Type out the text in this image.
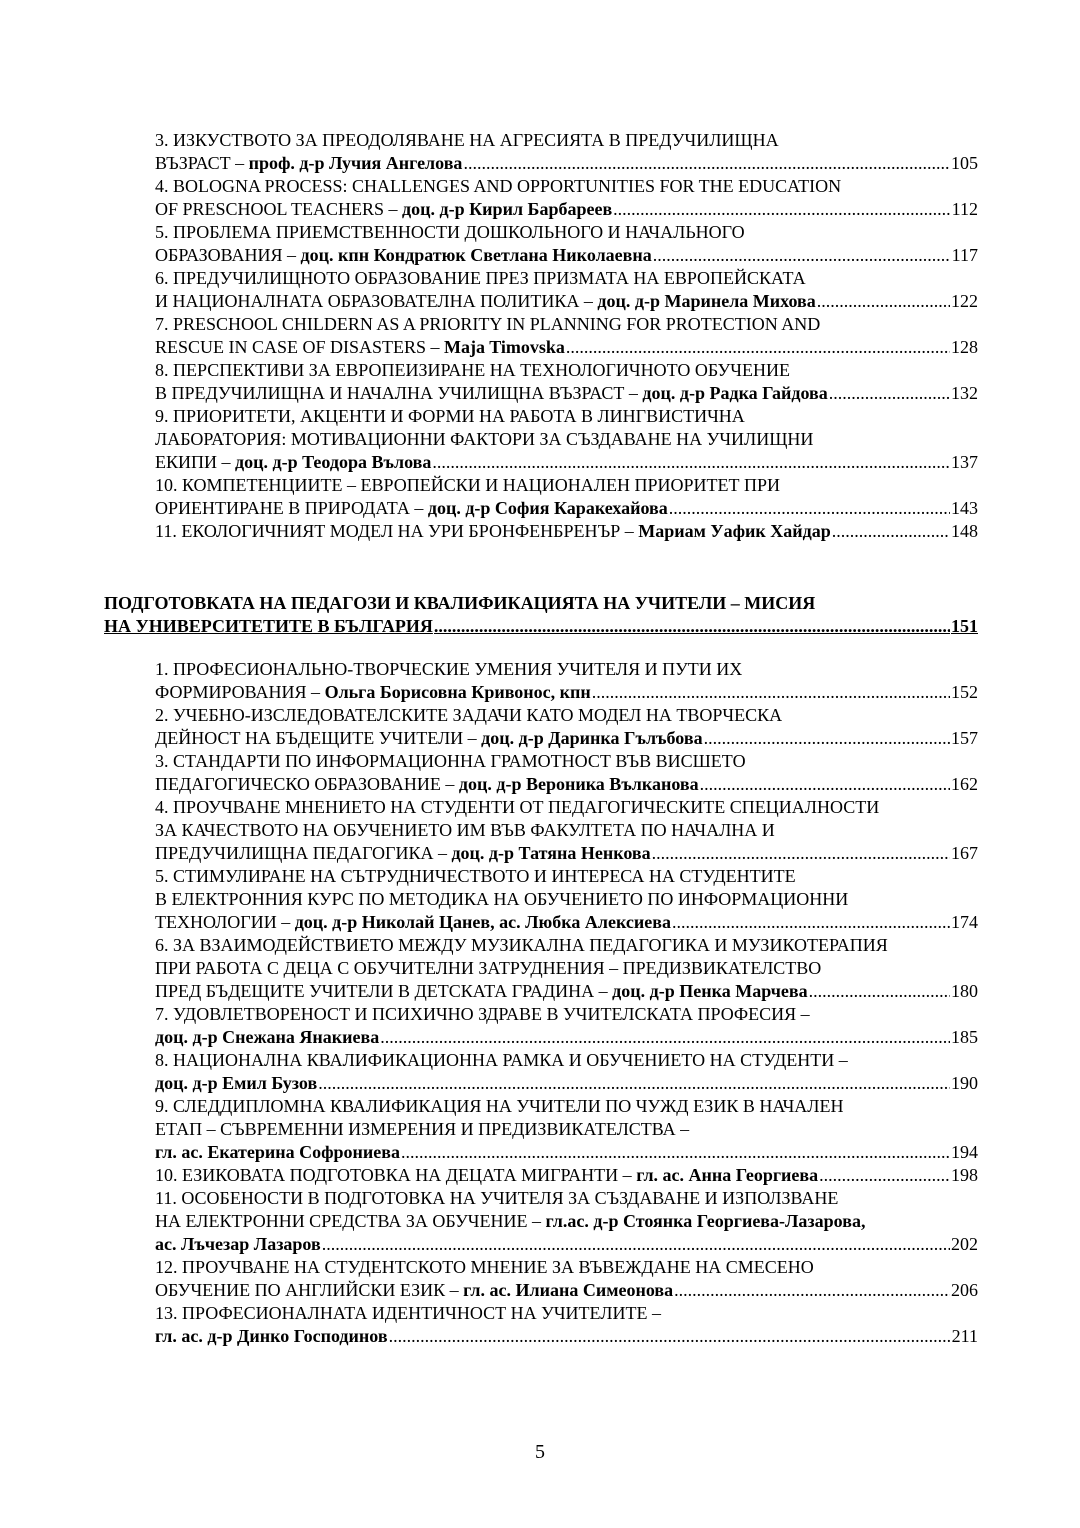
3. ИЗКУСТВОТО ЗА ПРЕОДОЛЯВАНЕ НА АГРЕСИЯТА В ПРЕДУЧИЛИЩНА
ВЪЗРАСТ – проф. д-р Лучия Ангелова .....	105
4. BOLOGNA PROCESS: CHALLENGES AND OPPORTUNITIES FOR THE EDUCATION
OF PRESCHOOL TEACHERS – доц. д-р Кирил Барбареев .....	112
5. ПРОБЛЕМА ПРИЕМСТВЕННОСТИ ДОШКОЛЬНОГО И НАЧАЛЬНОГО
ОБРАЗОВАНИЯ – доц. кпн Кондратюк Светлана Николаевна .....	117
6. ПРЕДУЧИЛИЩНОТО ОБРАЗОВАНИЕ ПРЕЗ ПРИЗМАТА НА ЕВРОПЕЙСКАТА
И НАЦИОНАЛНАТА ОБРАЗОВАТЕЛНА ПОЛИТИКА – доц. д-р Маринела Михова .....	122
7. PRESCHOOL CHILDERN AS A PRIORITY IN PLANNING FOR PROTECTION AND
RESCUE IN CASE OF DISASTERS – Maja Timovska .....	128
8. ПЕРСПЕКТИВИ ЗА ЕВРОПЕИЗИРАНЕ НА ТЕХНОЛОГИЧНОТО ОБУЧЕНИЕ
В ПРЕДУЧИЛИЩНА И НАЧАЛНА УЧИЛИЩНА ВЪЗРАСТ – доц. д-р Радка Гайдова .....	132
9. ПРИОРИТЕТИ, АКЦЕНТИ И ФОРМИ НА РАБОТА В ЛИНГВИСТИЧНА
ЛАБОРАТОРИЯ: МОТИВАЦИОННИ ФАКТОРИ ЗА СЪЗДАВАНЕ НА УЧИЛИЩНИ
ЕКИПИ – доц. д-р Теодора Вълова .....	137
10. КОМПЕТЕНЦИИТЕ – ЕВРОПЕЙСКИ И НАЦИОНАЛЕН ПРИОРИТЕТ ПРИ
ОРИЕНТИРАНЕ В ПРИРОДАТА – доц. д-р София Каракехайова .....	143
11. ЕКОЛОГИЧНИЯТ МОДЕЛ НА УРИ БРОНФЕНБРЕНЪР – Мариам Уафик Хайдар .....	148
ПОДГОТОВКАТА НА ПЕДАГОЗИ И КВАЛИФИКАЦИЯТА НА УЧИТЕЛИ – МИСИЯ
НА УНИВЕРСИТЕТИТЕ В БЪЛГАРИЯ .....	151
1. ПРОФЕСИОНАЛЬНО-ТВОРЧЕСКИЕ УМЕНИЯ УЧИТЕЛЯ И ПУТИ ИХ
ФОРМИРОВАНИЯ – Ольга Борисовна Кривонос, кпн .....	152
2. УЧЕБНО-ИЗСЛЕДОВАТЕЛСКИТЕ ЗАДАЧИ КАТО МОДЕЛ НА ТВОРЧЕСКА
ДЕЙНОСТ НА БЪДЕЩИТЕ УЧИТЕЛИ – доц. д-р Даринка Гълъбова .....	157
3. СТАНДАРТИ ПО ИНФОРМАЦИОННА ГРАМОТНОСТ ВЪВ ВИСШЕТО
ПЕДАГОГИЧЕСКО ОБРАЗОВАНИЕ – доц. д-р Вероника Вълканова .....	162
4. ПРОУЧВАНЕ МНЕНИЕТО НА СТУДЕНТИ ОТ ПЕДАГОГИЧЕСКИТЕ СПЕЦИАЛНОСТИ
ЗА КАЧЕСТВОТО НА ОБУЧЕНИЕТО ИМ ВЪВ ФАКУЛТЕТА ПО НАЧАЛНА И
ПРЕДУЧИЛИЩНА ПЕДАГОГИКА – доц. д-р Татяна Ненкова .....	167
5. СТИМУЛИРАНЕ НА СЪТРУДНИЧЕСТВОТО И ИНТЕРЕСА НА СТУДЕНТИТЕ
В ЕЛЕКТРОННИЯ КУРС ПО МЕТОДИКА НА ОБУЧЕНИЕТО ПО ИНФОРМАЦИОННИ
ТЕХНОЛОГИИ – доц. д-р Николай Цанев, ас. Любка Алексиева .....	174
6. ЗА ВЗАИМОДЕЙСТВИЕТО МЕЖДУ МУЗИКАЛНА ПЕДАГОГИКА И МУЗИКОТЕРАПИЯ
ПРИ РАБОТА С ДЕЦА С ОБУЧИТЕЛНИ ЗАТРУДНЕНИЯ – ПРЕДИЗВИКАТЕЛСТВО
ПРЕД БЪДЕЩИТЕ УЧИТЕЛИ В ДЕТСКАТА ГРАДИНА – доц. д-р Пенка Марчева .....	180
7. УДОВЛЕТВОРЕНОСТ И ПСИХИЧНО ЗДРАВЕ В УЧИТЕЛСКАТА ПРОФЕСИЯ –
доц. д-р Снежана Янакиева .....	185
8. НАЦИОНАЛНА КВАЛИФИКАЦИОННА РАМКА И ОБУЧЕНИЕТО НА СТУДЕНТИ –
доц. д-р Емил Бузов .....	190
9. СЛЕДДИПЛОМНА КВАЛИФИКАЦИЯ НА УЧИТЕЛИ ПО ЧУЖД ЕЗИК В НАЧАЛЕН
ЕТАП – СЪВРЕМЕННИ ИЗМЕРЕНИЯ И ПРЕДИЗВИКАТЕЛСТВА –
гл. ас. Екатерина Софрониева .....	194
10. ЕЗИКОВАТА ПОДГОТОВКА НА ДЕЦАТА МИГРАНТИ – гл. ас. Анна Георгиева .....	198
11. ОСОБЕНОСТИ В ПОДГОТОВКА НА УЧИТЕЛЯ ЗА СЪЗДАВАНЕ И ИЗПОЛЗВАНЕ
НА ЕЛЕКТРОННИ СРЕДСТВА ЗА ОБУЧЕНИЕ – гл.ас. д-р Стоянка Георгиева-Лазарова,
ас. Лъчезар Лазаров .....	202
12. ПРОУЧВАНЕ НА СТУДЕНТСКОТО МНЕНИЕ ЗА ВЪВЕЖДАНЕ НА СМЕСЕНО
ОБУЧЕНИЕ ПО АНГЛИЙСКИ ЕЗИК – гл. ас. Илиана Симеонова .....	206
13. ПРОФЕСИОНАЛНАТА ИДЕНТИЧНОСТ НА УЧИТЕЛИТЕ –
гл. ас. д-р Динко Господинов .....	211
5
